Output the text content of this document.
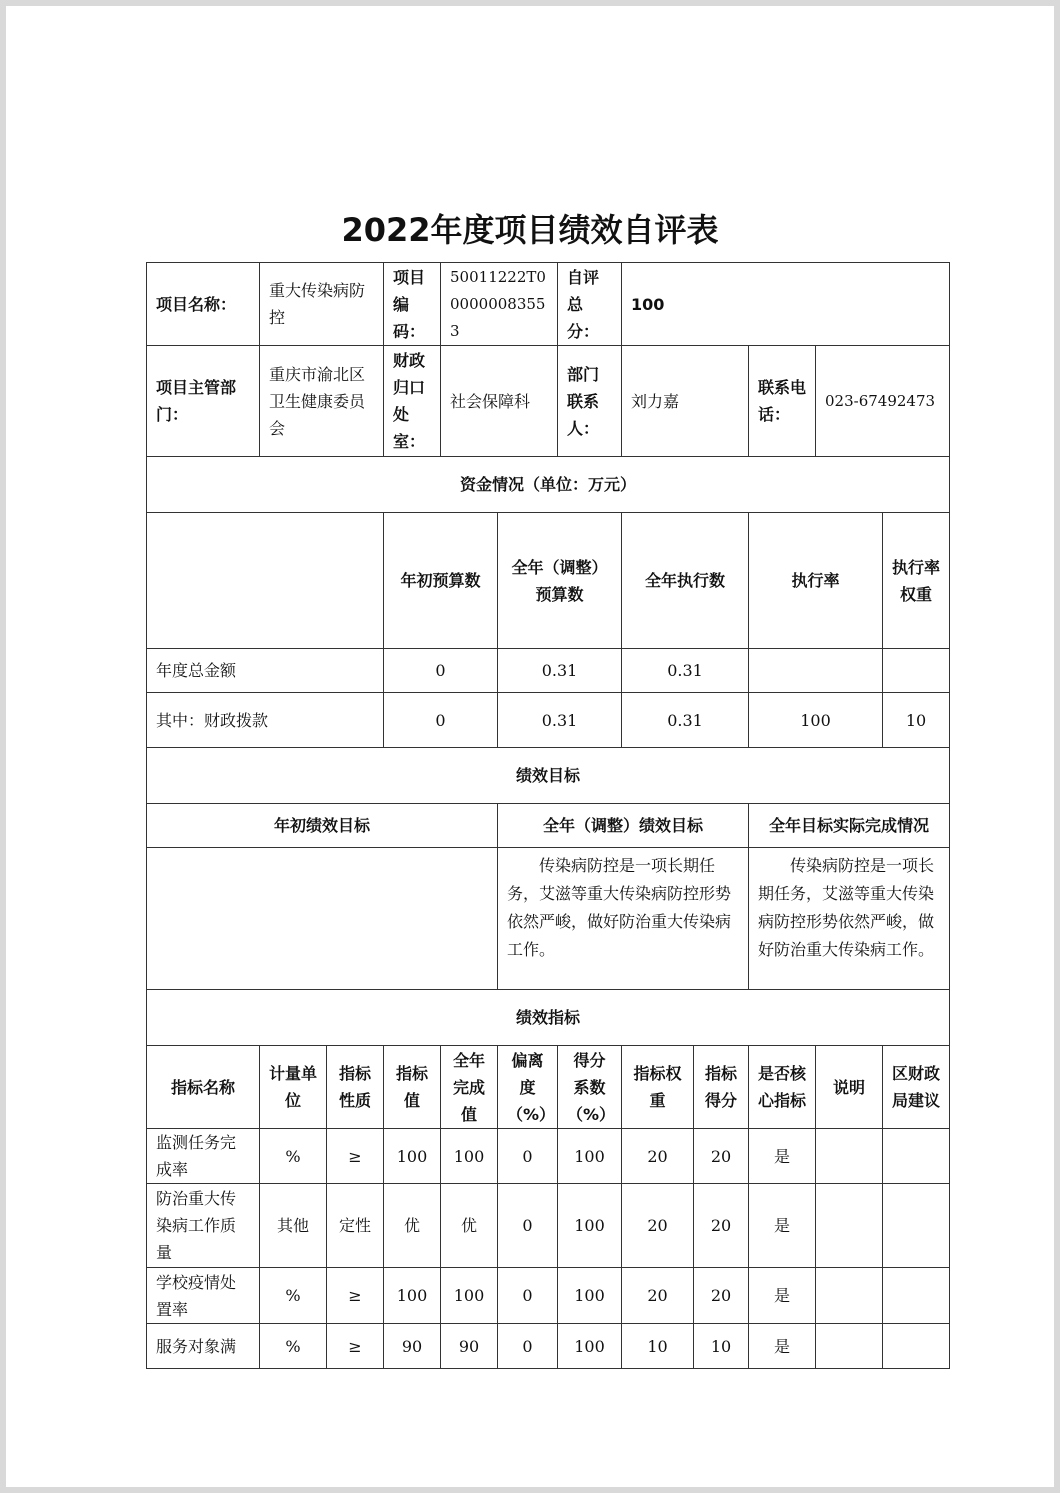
2022年度项目绩效自评表
项目名称：	重大传染病防控		项目编码：	50011222T000000083553		自评总分：	100					
项目主管部门：	重庆市渝北区卫生健康委员会		财政归口处室：	社会保障科		部门联系人：	刘力嘉		联系电话：	023-67492473		
资金情况（单位：万元）												
			年初预算数		全年（调整）预算数		全年执行数		执行率		执行率权重	
年度总金额			0		0.31		0.31					
其中：财政拨款			0		0.31		0.31		100		10	
绩效目标												
年初绩效目标					全年（调整）绩效目标				全年目标实际完成情况			
					传染病防控是一项长期任务，艾滋等重大传染病防控形势依然严峻，做好防治重大传染病工作。				传染病防控是一项长期任务，艾滋等重大传染病防控形势依然严峻，做好防治重大传染病工作。			
绩效指标												
指标名称	计量单位	指标性质	指标值	全年完成值	偏离度（%）	得分系数（%）	指标权重	指标得分	是否核心指标	说明	区财政局建议	
监测任务完成率	%	≥	100	100	0	100	20	20	是			
防治重大传染病工作质量	其他	定性	优	优	0	100	20	20	是			
学校疫情处置率	%	≥	100	100	0	100	20	20	是			
服务对象满	%	≥	90	90	0	100	10	10	是			
